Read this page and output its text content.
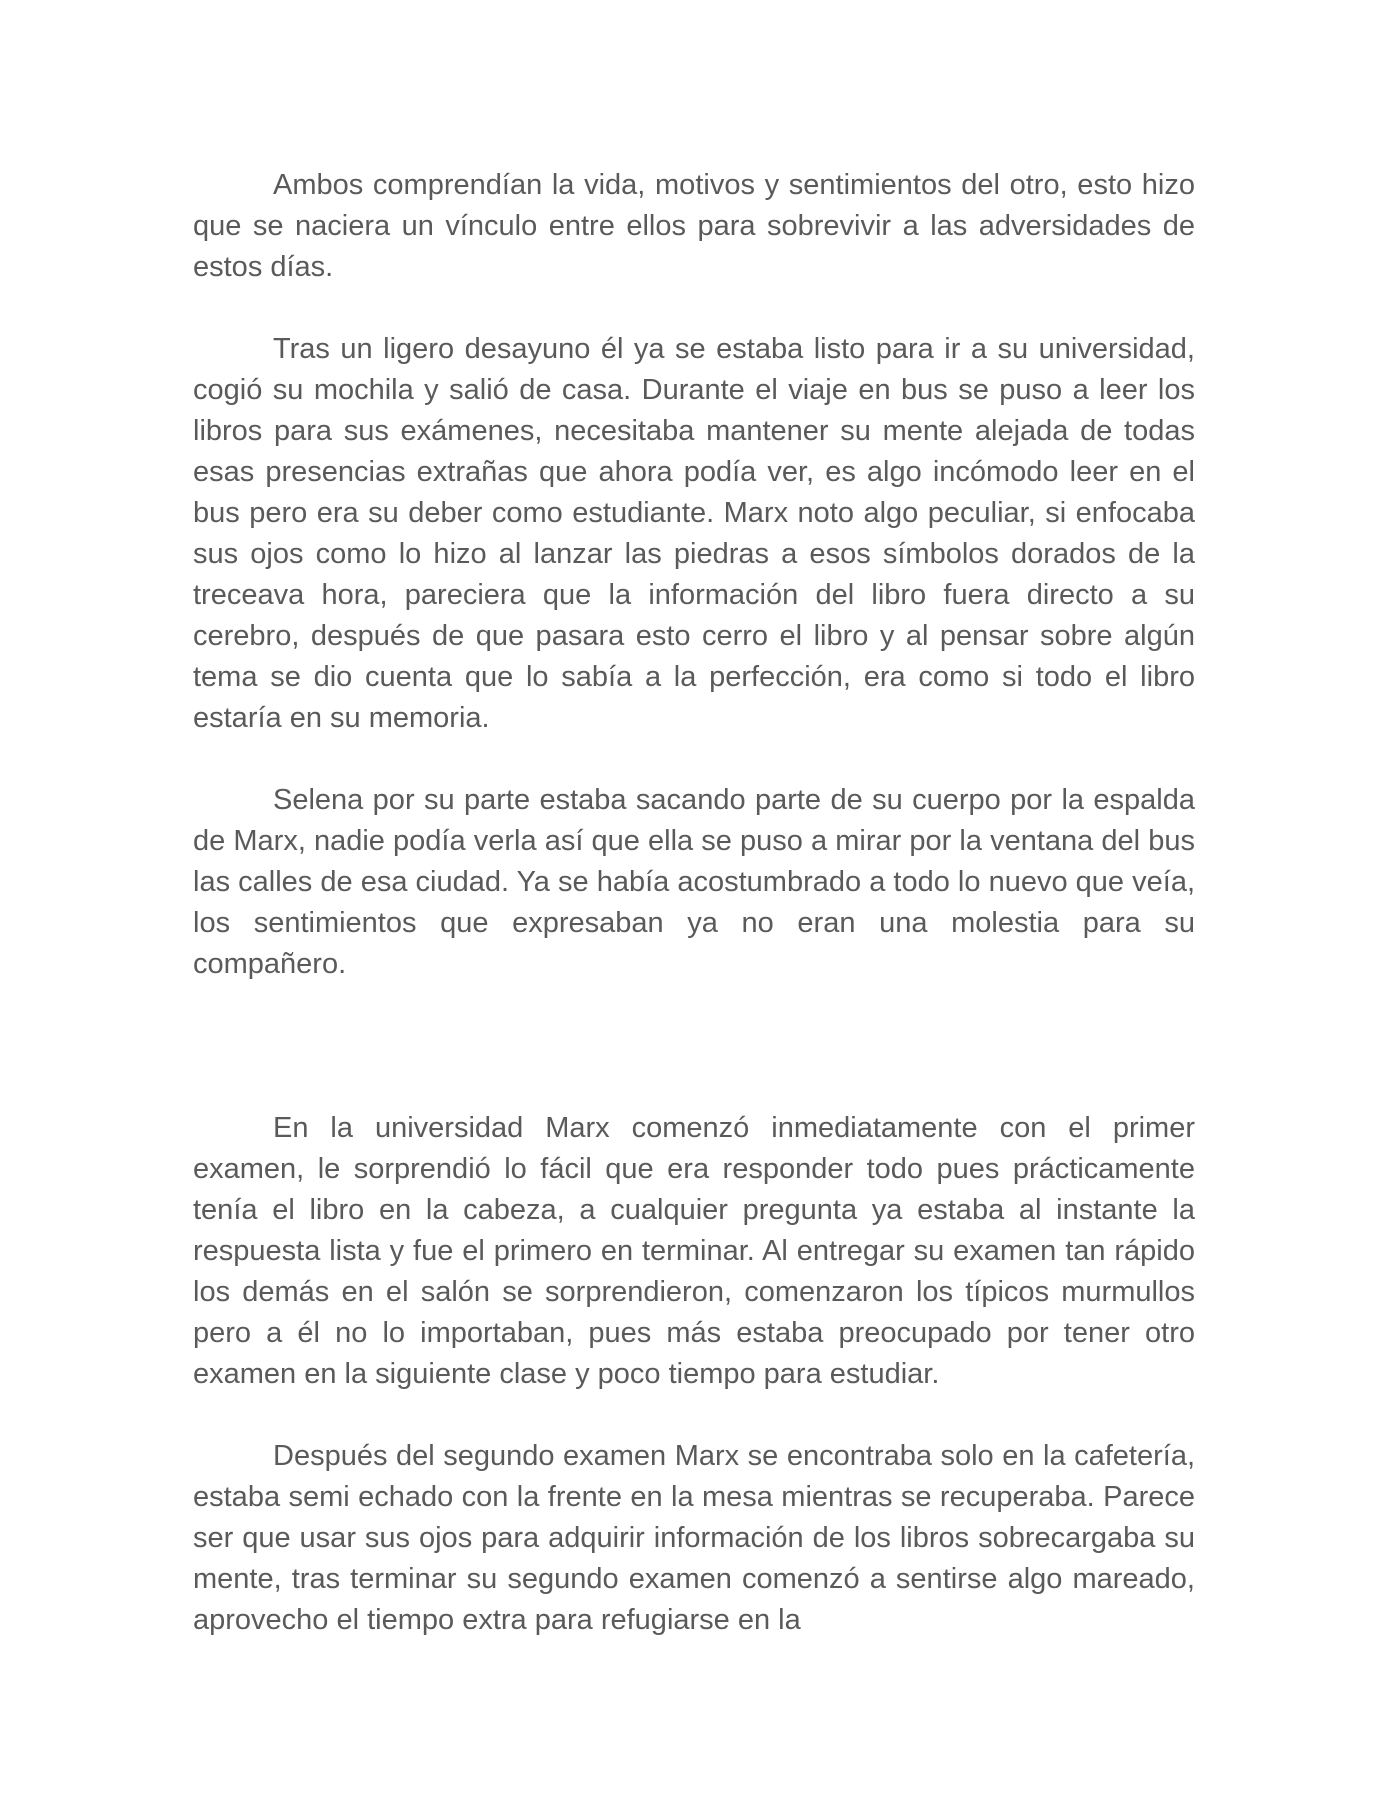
Ambos comprendían la vida, motivos y sentimientos del otro, esto hizo que se naciera un vínculo entre ellos para sobrevivir a las adversidades de estos días.

Tras un ligero desayuno él ya se estaba listo para ir a su universidad, cogió su mochila y salió de casa. Durante el viaje en bus se puso a leer los libros para sus exámenes, necesitaba mantener su mente alejada de todas esas presencias extrañas que ahora podía ver, es algo incómodo leer en el bus pero era su deber como estudiante. Marx noto algo peculiar, si enfocaba sus ojos como lo hizo al lanzar las piedras a esos símbolos dorados de la treceava hora, pareciera que la información del libro fuera directo a su cerebro, después de que pasara esto cerro el libro y al pensar sobre algún tema se dio cuenta que lo sabía a la perfección, era como si todo el libro estaría en su memoria.

Selena por su parte estaba sacando parte de su cuerpo por la espalda de Marx, nadie podía verla así que ella se puso a mirar por la ventana del bus las calles de esa ciudad. Ya se había acostumbrado a todo lo nuevo que veía, los sentimientos que expresaban ya no eran una molestia para su compañero.

En la universidad Marx comenzó inmediatamente con el primer examen, le sorprendió lo fácil que era responder todo pues prácticamente tenía el libro en la cabeza, a cualquier pregunta ya estaba al instante la respuesta lista y fue el primero en terminar. Al entregar su examen tan rápido los demás en el salón se sorprendieron, comenzaron los típicos murmullos pero a él no lo importaban, pues más estaba preocupado por tener otro examen en la siguiente clase y poco tiempo para estudiar.

Después del segundo examen Marx se encontraba solo en la cafetería, estaba semi echado con la frente en la mesa mientras se recuperaba. Parece ser que usar sus ojos para adquirir información de los libros sobrecargaba su mente, tras terminar su segundo examen comenzó a sentirse algo mareado, aprovecho el tiempo extra para refugiarse en la
